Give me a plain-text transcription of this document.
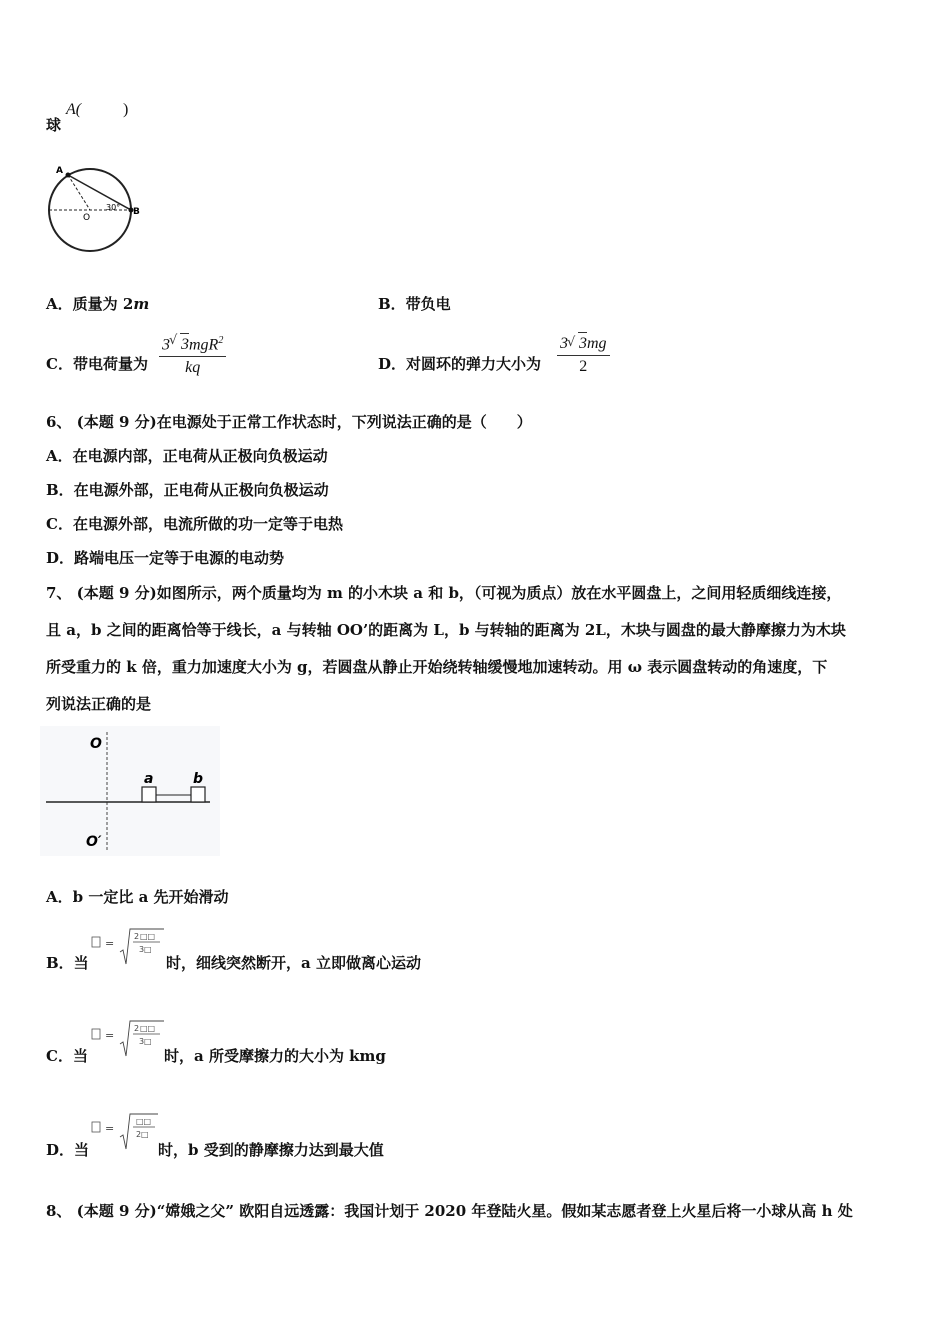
球
A(	)
A
O
B
30°
A．质量为 2m	B．带负电
C．带电荷量为
3 √ 3mgR$^2$
kq	D．对圆环的弹力大小为 $\frac{3 √ 3mg}{2}$
6、 (本题 9 分)在电源处于正常工作状态时，下列说法正确的是（　　）
A．在电源内部，正电荷从正极向负极运动
B．在电源外部，正电荷从正极向负极运动
C．在电源外部，电流所做的功一定等于电热
D．路端电压一定等于电源的电动势
7、 (本题 9 分)如图所示，两个质量均为 m 的小木块 a 和 b，（可视为质点）放在水平圆盘上，之间用轻质细线连接，
且 a，b 之间的距离恰等于线长，a 与转轴 OO’的距离为 L，b 与转轴的距离为 2L，木块与圆盘的最大静摩擦力为木块
所受重力的 k 倍，重力加速度大小为 g，若圆盘从静止开始绕转轴缓慢地加速转动。用 ω 表示圆盘转动的角速度，下
列说法正确的是
O
O′
a	b
A．b 一定比 a 先开始滑动
B．当
=
2 □□
3 □
时，细线突然断开，a 立即做离心运动
C．当
=
2 □□
3 □
时，a 所受摩擦力的大小为 kmg
D．当
=
□□
2 □
时，b 受到的静摩擦力达到最大值
8、 (本题 9 分)“嫦娥之父” 欧阳自远透露：我国计划于 2020 年登陆火星。假如某志愿者登上火星后将一小球从高 h 处
